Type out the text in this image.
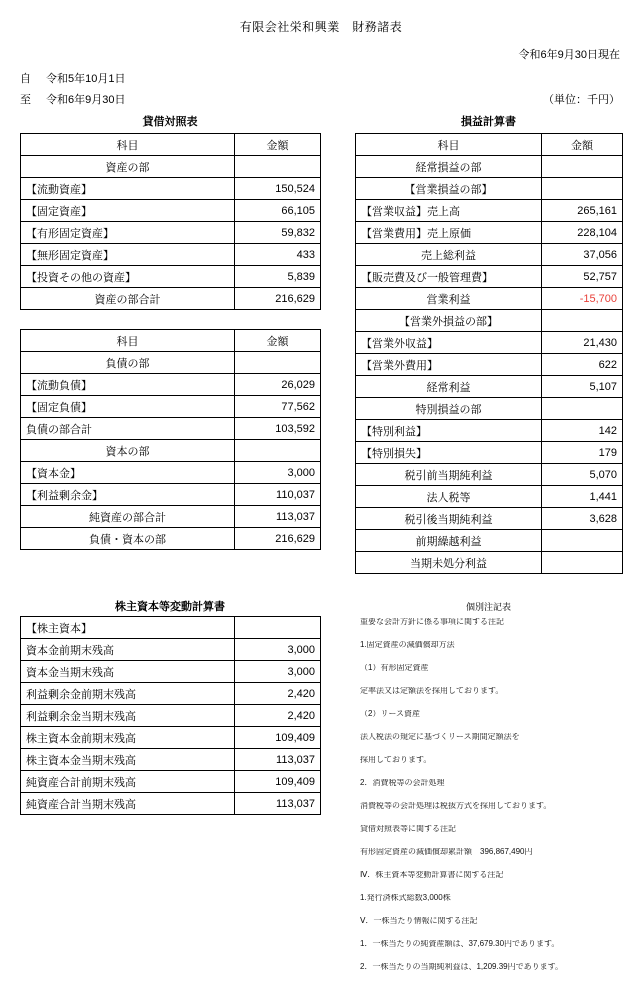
有限会社栄和興業　財務諸表
令和6年9月30日現在
自 令和5年10月1日
至 令和6年9月30日	（単位：千円）
貸借対照表	損益計算書
株主資本等変動計算書	個別注記表
科目	金額
資産の部	
【流動資産】	150,524
【固定資産】	66,105
【有形固定資産】	59,832
【無形固定資産】	433
【投資その他の資産】	5,839
資産の部合計	216,629
科目	金額
負債の部	
【流動負債】	26,029
【固定負債】	77,562
負債の部合計	103,592
資本の部	
【資本金】	3,000
【利益剰余金】	110,037
純資産の部合計	113,037
負債・資本の部	216,629
科目	金額
経常損益の部	
【営業損益の部】	
【営業収益】売上高	265,161
【営業費用】売上原価	228,104
売上総利益	37,056
【販売費及び一般管理費】	52,757
営業利益	-15,700
【営業外損益の部】	
【営業外収益】	21,430
【営業外費用】	622
経常利益	5,107
特別損益の部	
【特別利益】	142
【特別損失】	179
税引前当期純利益	5,070
法人税等	1,441
税引後当期純利益	3,628
前期繰越利益	
当期未処分利益	
【株主資本】	
資本金前期末残高	3,000
資本金当期末残高	3,000
利益剰余金前期末残高	2,420
利益剰余金当期末残高	2,420
株主資本金前期末残高	109,409
株主資本金当期末残高	113,037
純資産合計前期末残高	109,409
純資産合計当期末残高	113,037
重要な会計方針に係る事項に関する注記
1.固定資産の減価償却方法
（1）有形固定資産
定率法又は定額法を採用しております。
（2）リース資産
法人税法の規定に基づくリース期間定額法を
採用しております。
2．消費税等の会計処理
消費税等の会計処理は税抜方式を採用しております。
貸借対照表等に関する注記
有形固定資産の減価償却累計額　396,867,490円
Ⅳ．株主資本等変動計算書に関する注記
1.発行済株式総数3,000株
Ⅴ．一株当たり情報に関する注記
1．一株当たりの純資産額は、37,679.30円であります。
2．一株当たりの当期純利益は、1,209.39円であります。
